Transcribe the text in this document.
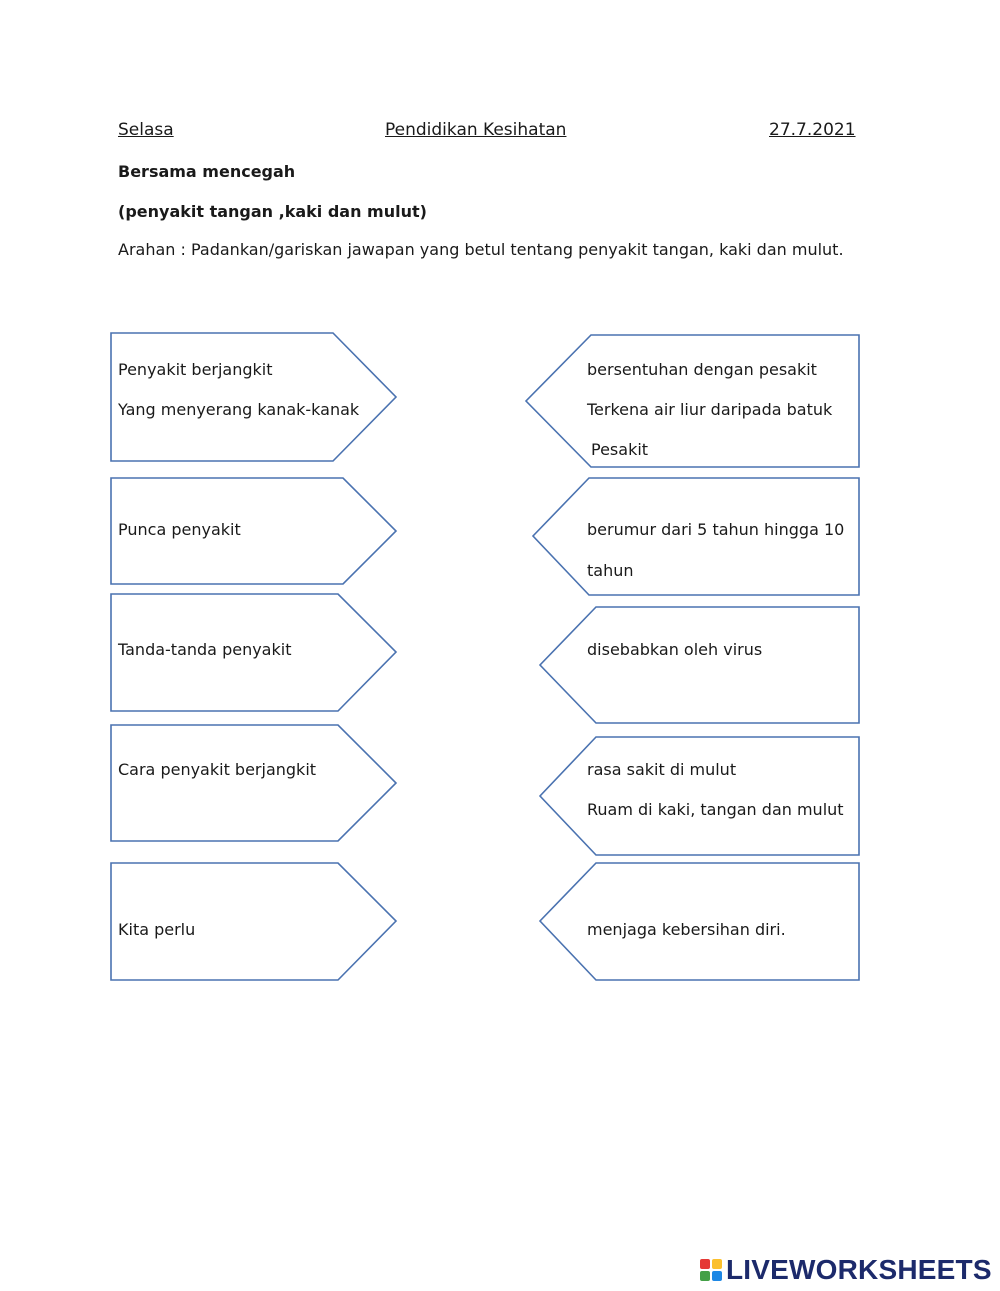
Selasa	Pendidikan Kesihatan	27.7.2021
Bersama mencegah
(penyakit tangan ,kaki dan mulut)
Arahan : Padankan/gariskan jawapan yang betul tentang penyakit tangan, kaki dan mulut.
Penyakit berjangkit
Yang menyerang kanak-kanak
Punca penyakit
Tanda-tanda penyakit
Cara penyakit berjangkit
Kita perlu
bersentuhan dengan pesakit
Terkena air liur daripada batuk
Pesakit
berumur dari 5 tahun hingga 10
tahun
disebabkan oleh virus
rasa sakit di mulut
Ruam di kaki, tangan dan mulut
menjaga kebersihan diri.
LIVEWORKSHEETS
